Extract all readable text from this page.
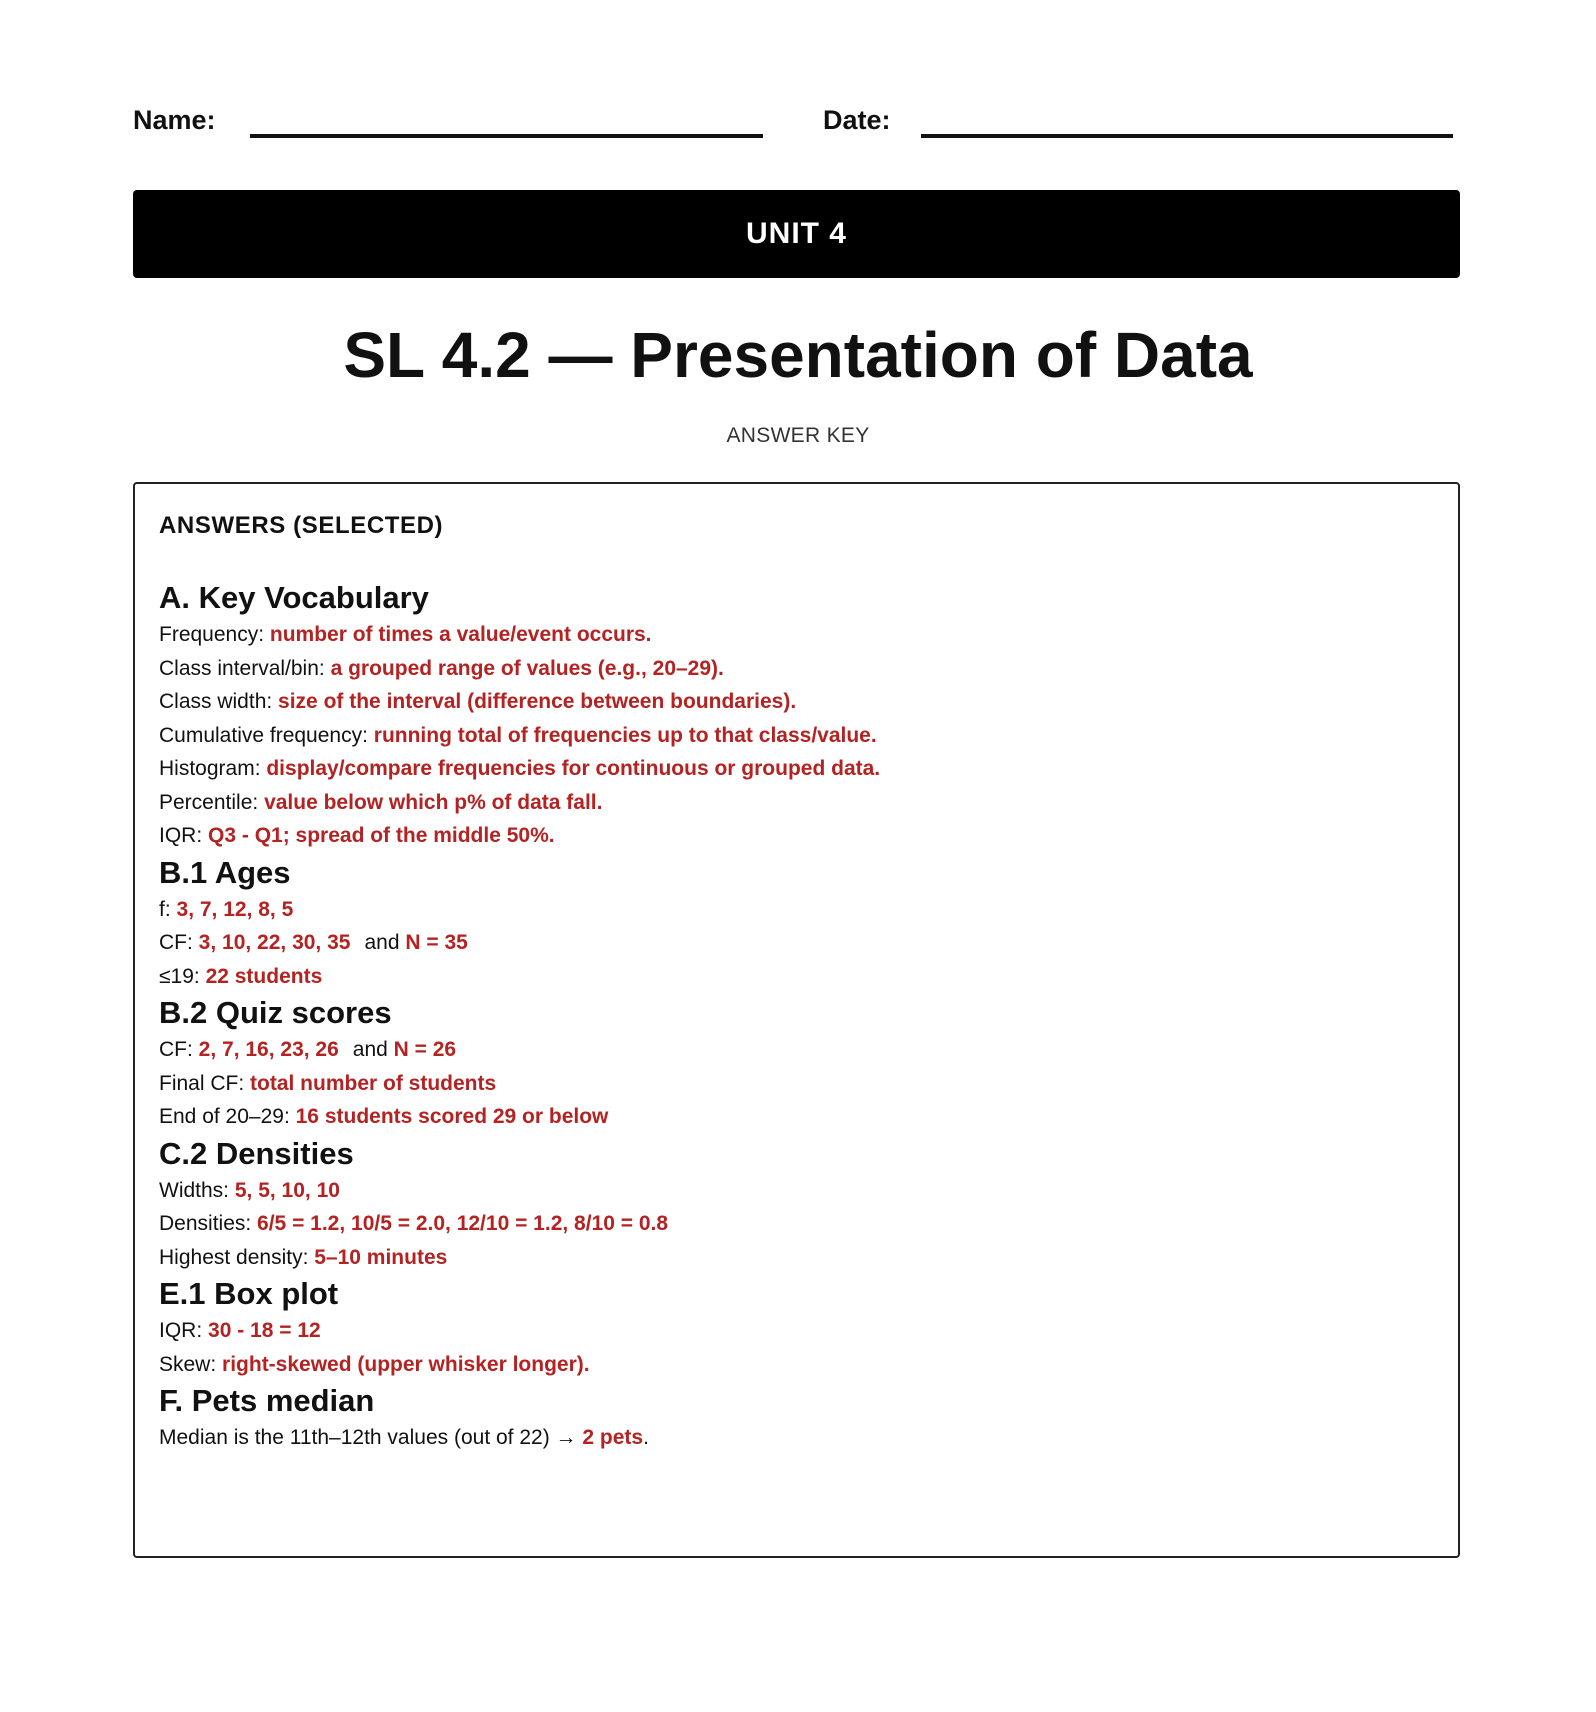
Name:	Date:
UNIT 4
SL 4.2 — Presentation of Data
ANSWER KEY
ANSWERS (SELECTED)
A. Key Vocabulary
Frequency: number of times a value/event occurs.
Class interval/bin: a grouped range of values (e.g., 20–29).
Class width: size of the interval (difference between boundaries).
Cumulative frequency: running total of frequencies up to that class/value.
Histogram: display/compare frequencies for continuous or grouped data.
Percentile: value below which p% of data fall.
IQR: Q3 - Q1; spread of the middle 50%.
B.1 Ages
f: 3, 7, 12, 8, 5
CF: 3, 10, 22, 30, 35 and N = 35
≤19: 22 students
B.2 Quiz scores
CF: 2, 7, 16, 23, 26 and N = 26
Final CF: total number of students
End of 20–29: 16 students scored 29 or below
C.2 Densities
Widths: 5, 5, 10, 10
Densities: 6/5 = 1.2, 10/5 = 2.0, 12/10 = 1.2, 8/10 = 0.8
Highest density: 5–10 minutes
E.1 Box plot
IQR: 30 - 18 = 12
Skew: right-skewed (upper whisker longer).
F. Pets median
Median is the 11th–12th values (out of 22) → 2 pets.
